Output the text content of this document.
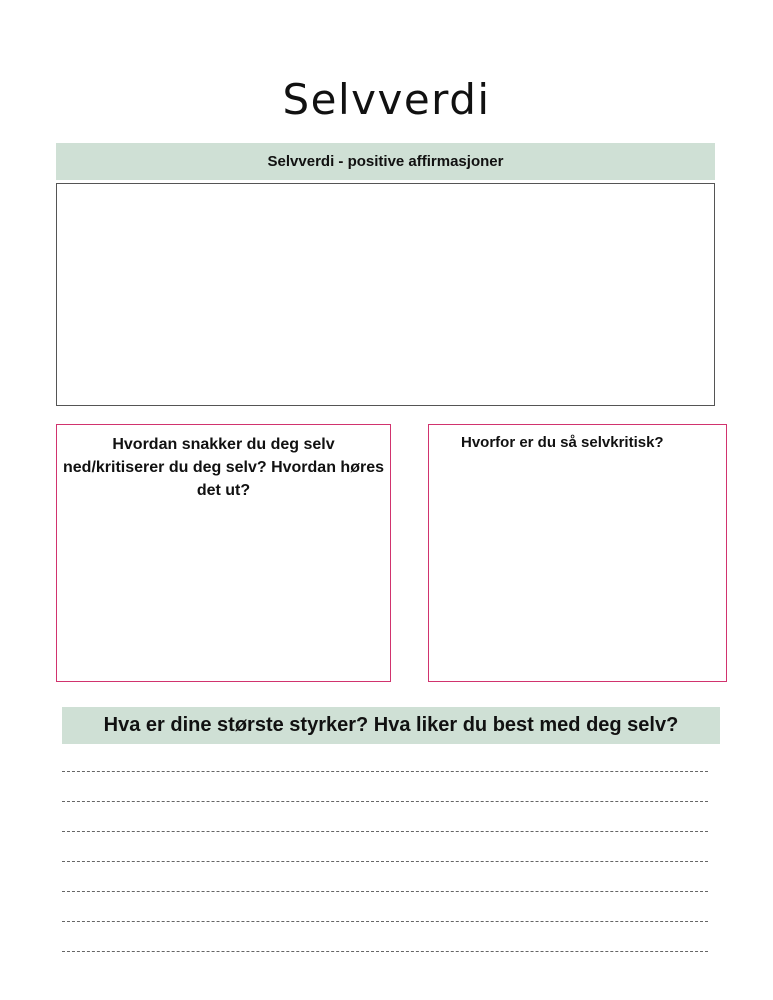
Selvverdi
Selvverdi - positive affirmasjoner
Hvordan snakker du deg selv ned/kritiserer du deg selv? Hvordan høres det ut?
Hvorfor er du så selvkritisk?
Hva er dine største styrker? Hva liker du best med deg selv?
